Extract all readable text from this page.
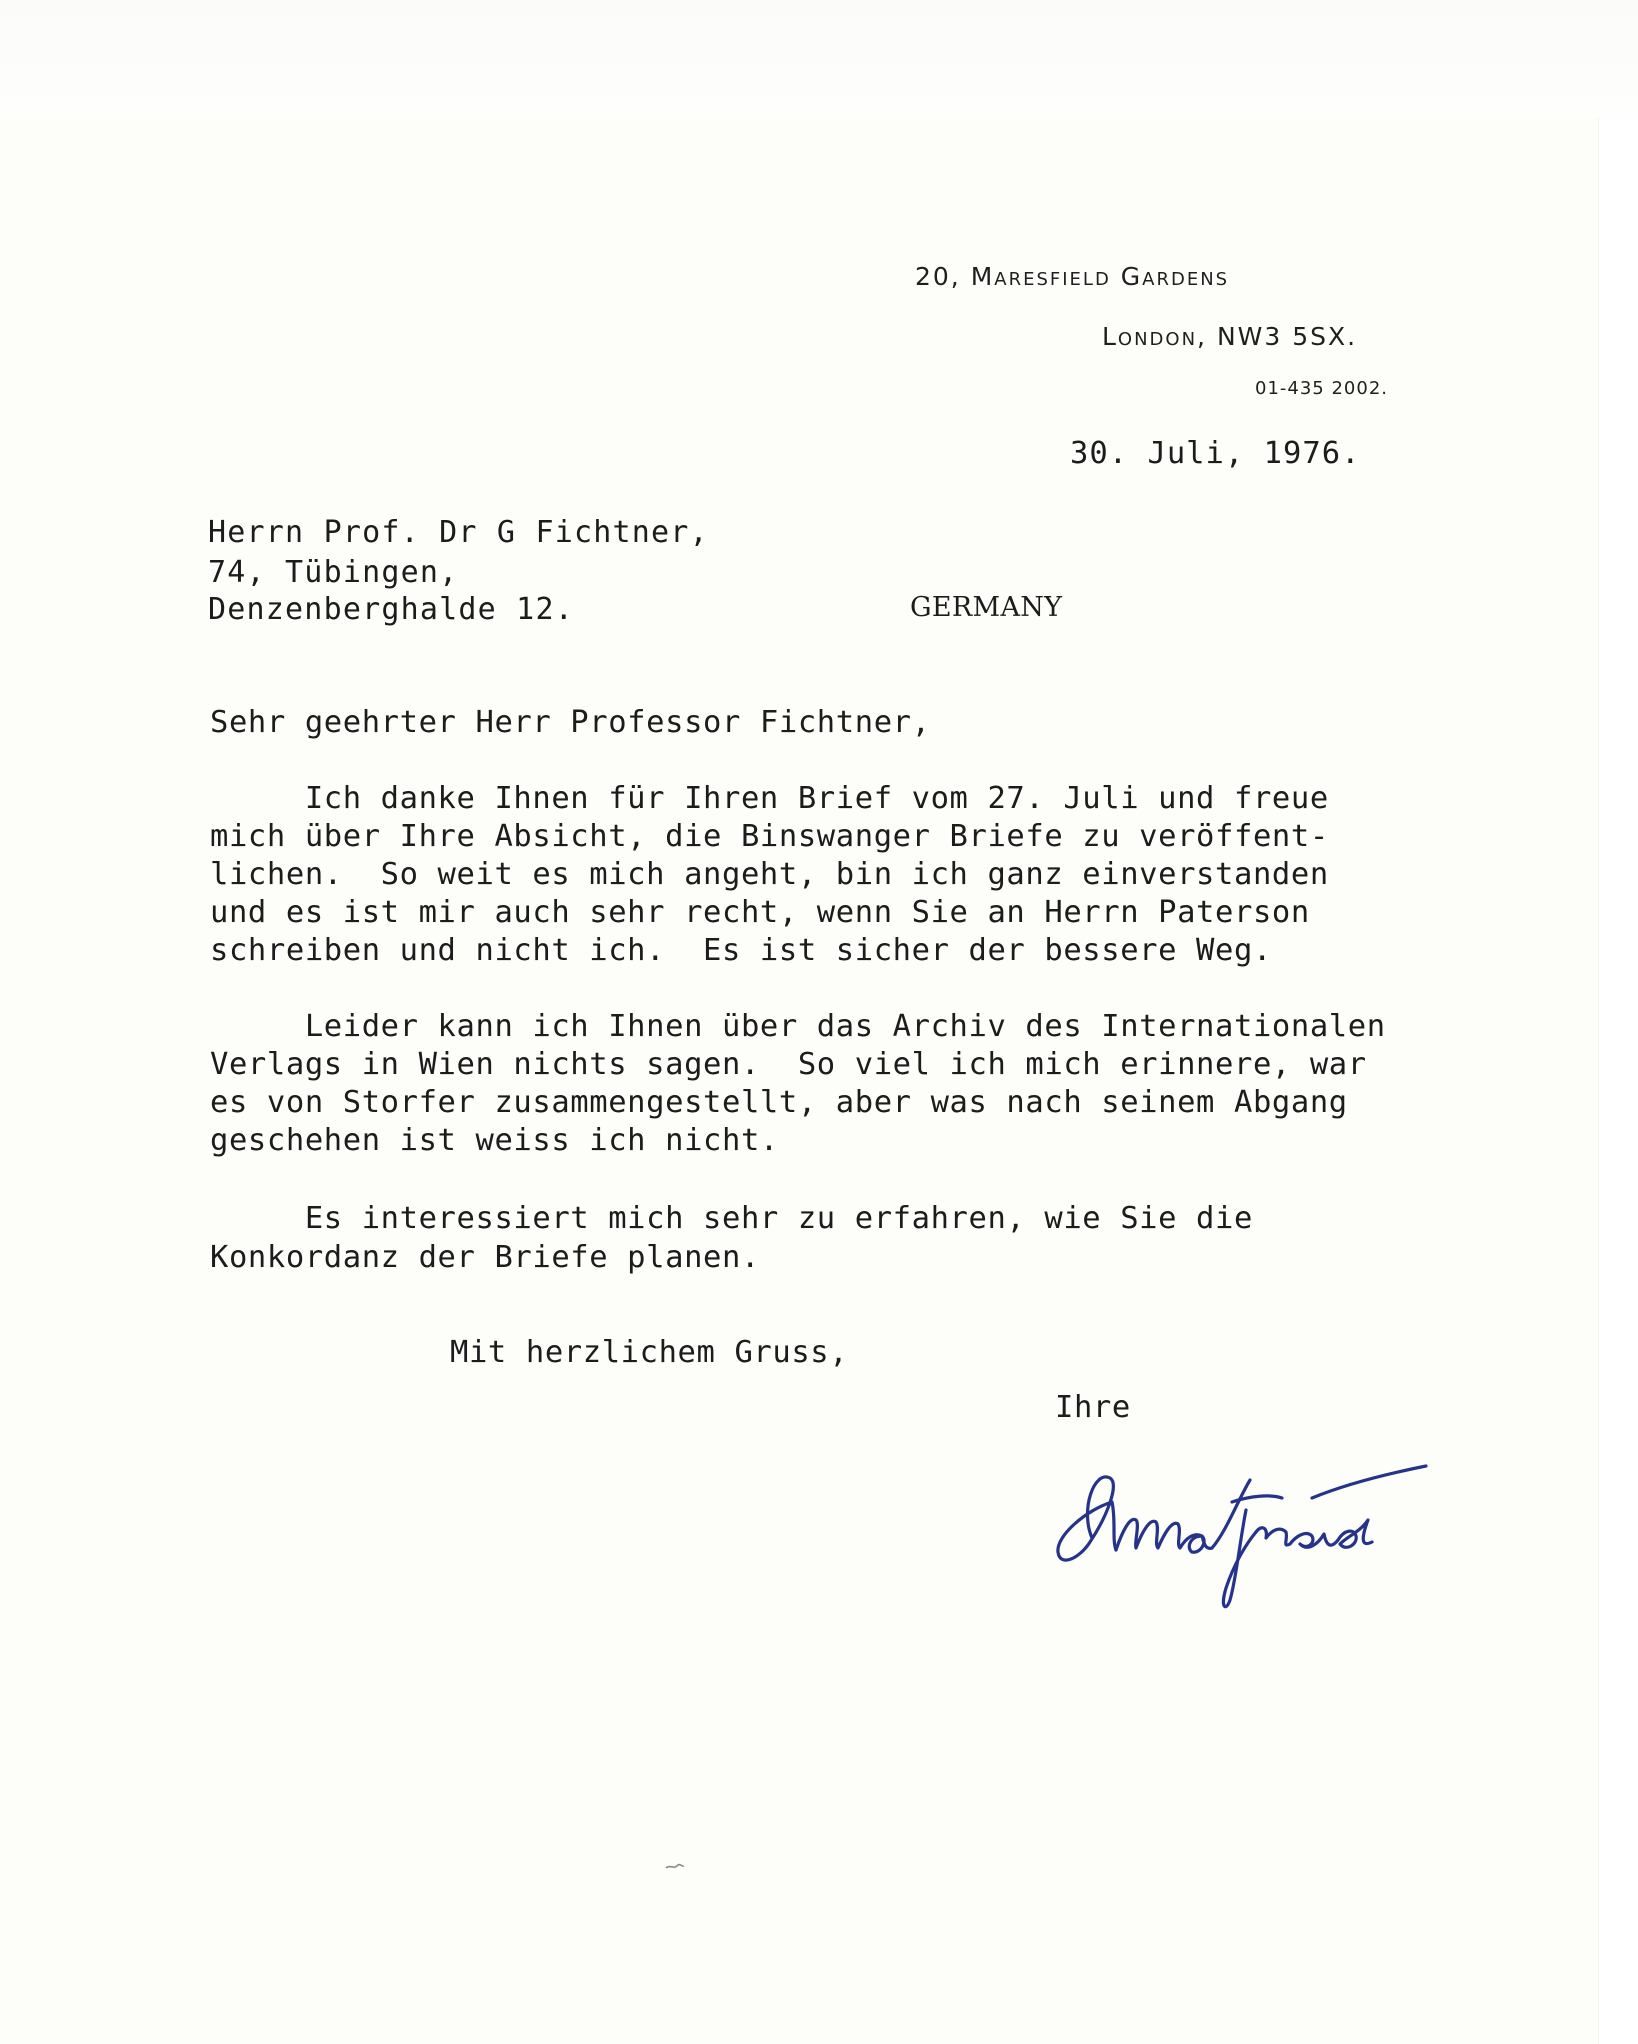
20, Maresfield Gardens
London, NW3 5SX.
01-435 2002.
30. Juli, 1976.
Herrn Prof. Dr G Fichtner,
74, Tübingen,
Denzenberghalde 12.	GERMANY
Sehr geehrter Herr Professor Fichtner,
Ich danke Ihnen für Ihren Brief vom 27. Juli und freue
mich über Ihre Absicht, die Binswanger Briefe zu veröffent-
lichen.  So weit es mich angeht, bin ich ganz einverstanden
und es ist mir auch sehr recht, wenn Sie an Herrn Paterson
schreiben und nicht ich.  Es ist sicher der bessere Weg.
Leider kann ich Ihnen über das Archiv des Internationalen
Verlags in Wien nichts sagen.  So viel ich mich erinnere, war
es von Storfer zusammengestellt, aber was nach seinem Abgang
geschehen ist weiss ich nicht.
Es interessiert mich sehr zu erfahren, wie Sie die
Konkordanz der Briefe planen.
Mit herzlichem Gruss,
Ihre
